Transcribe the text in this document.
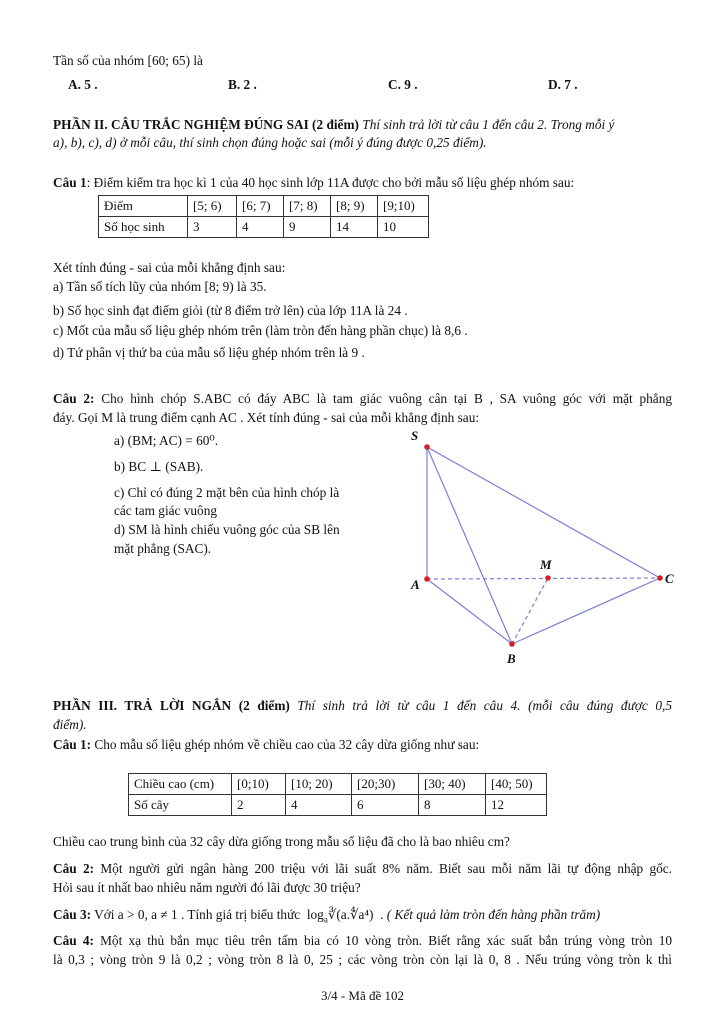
Tần số của nhóm [60; 65) là
A. 5 .	B. 2 .	C. 9 .	D. 7 .
PHẦN II. CÂU TRẮC NGHIỆM ĐÚNG SAI (2 điểm) Thí sinh trả lời từ câu 1 đến câu 2. Trong mỗi ý
a), b), c), d) ở mỗi câu, thí sinh chọn đúng hoặc sai (mỗi ý đúng được 0,25 điểm).
Câu 1: Điểm kiểm tra học kì 1 của 40 học sinh lớp 11A được cho bởi mẫu số liệu ghép nhóm sau:
Điểm	[5; 6)	[6; 7)	[7; 8)	[8; 9)	[9;10)
Số học sinh	3	4	9	14	10
Xét tính đúng - sai của mỗi khẳng định sau:
a) Tần số tích lũy của nhóm [8; 9) là 35.
b) Số học sinh đạt điểm giỏi (từ 8 điểm trở lên) của lớp 11A là 24 .
c) Mốt của mẫu số liệu ghép nhóm trên (làm tròn đến hàng phần chục) là 8,6 .
d) Tứ phân vị thứ ba của mẫu số liệu ghép nhóm trên là 9 .
Câu 2: Cho hình chóp S.ABC có đáy ABC là tam giác vuông cân tại B , SA vuông góc với mặt phẳng
đáy. Gọi M là trung điểm cạnh AC . Xét tính đúng - sai của mỗi khẳng định sau:
a) (BM; AC) = 60⁰.
b) BC ⊥ (SAB).
c) Chỉ có đúng 2 mặt bên của hình chóp là
các tam giác vuông
d) SM là hình chiếu vuông góc của SB lên
mặt phẳng (SAC).
S
A
B
C
M
PHẦN III. TRẢ LỜI NGẮN (2 điểm) Thí sinh trả lời từ câu 1 đến câu 4. (mỗi câu đúng được 0,5
điểm).
Câu 1: Cho mẫu số liệu ghép nhóm về chiều cao của 32 cây dừa giống như sau:
Chiều cao (cm)	[0;10)	[10; 20)	[20;30)	[30; 40)	[40; 50)
Số cây	2	4	6	8	12
Chiều cao trung bình của 32 cây dừa giống trong mẫu số liệu đã cho là bao nhiêu cm?
Câu 2: Một người gửi ngân hàng 200 triệu với lãi suất 8% năm. Biết sau mỗi năm lãi tự động nhập gốc.
Hỏi sau ít nhất bao nhiêu năm người đó lãi được 30 triệu?
Câu 3: Với a > 0, a ≠ 1 . Tính giá trị biểu thức $\log_a∛(a.∜a^4)$  . ( Kết quả làm tròn đến hàng phần trăm)
Câu 4: Một xạ thủ bắn mục tiêu trên tấm bia có 10 vòng tròn. Biết rằng xác suất bắn trúng vòng tròn 10
là 0,3 ; vòng tròn 9 là 0,2 ; vòng tròn 8 là 0, 25 ; các vòng tròn còn lại là 0, 8 . Nếu trúng vòng tròn k thì
3/4 - Mã đề 102
